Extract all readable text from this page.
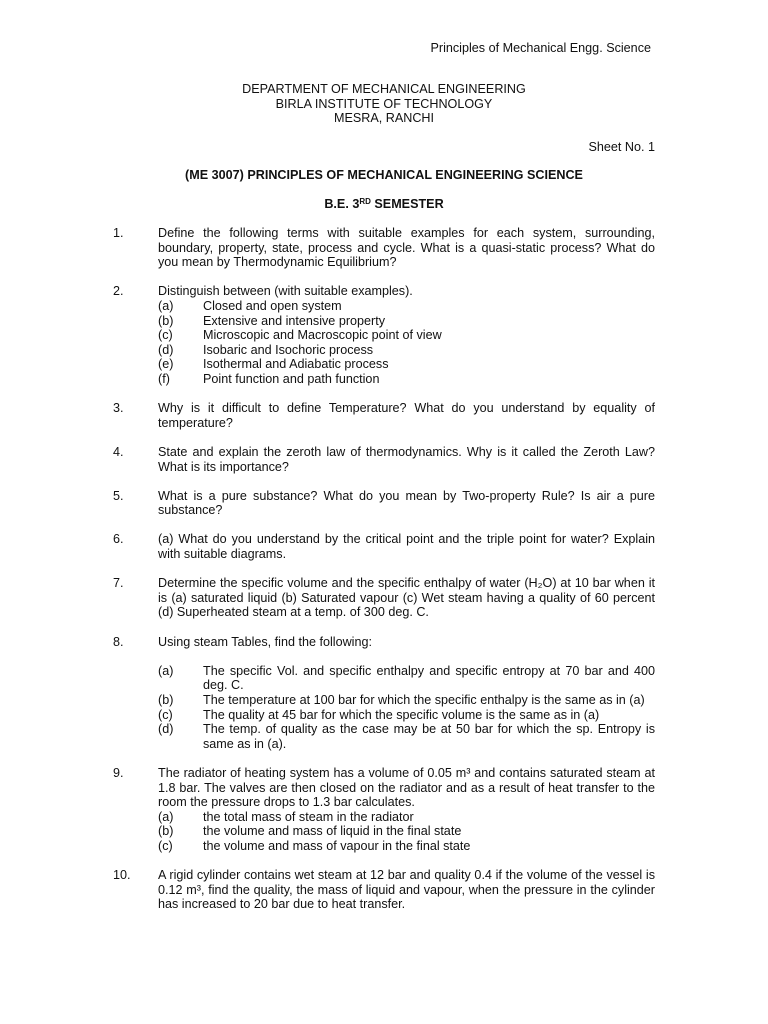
Principles of Mechanical Engg. Science
DEPARTMENT OF MECHANICAL ENGINEERING
BIRLA INSTITUTE OF TECHNOLOGY
MESRA, RANCHI
Sheet No. 1
(ME 3007) PRINCIPLES OF MECHANICAL ENGINEERING SCIENCE
B.E. 3RD SEMESTER
1.	Define the following terms with suitable examples for each system, surrounding, boundary, property, state, process and cycle. What is a quasi-static process? What do you mean by Thermodynamic Equilibrium?
2.	Distinguish between (with suitable examples).
(a) Closed and open system
(b) Extensive and intensive property
(c) Microscopic and Macroscopic point of view
(d) Isobaric and Isochoric process
(e) Isothermal and Adiabatic process
(f)	Point function and path function
3.	Why is it difficult to define Temperature? What do you understand by equality of temperature?
4.	State and explain the zeroth law of thermodynamics. Why is it called the Zeroth Law? What is its importance?
5.	What is a pure substance? What do you mean by Two-property Rule? Is air a pure substance?
6.	(a) What do you understand by the critical point and the triple point for water? Explain with suitable diagrams.
7.	Determine the specific volume and the specific enthalpy of water (H₂O) at 10 bar when it is (a) saturated liquid (b) Saturated vapour (c) Wet steam having a quality of 60 percent (d) Superheated steam at a temp. of 300 deg. C.
8.	Using steam Tables, find the following:
(a) The specific Vol. and specific enthalpy and specific entropy at 70 bar and 400 deg. C.
(b) The temperature at 100 bar for which the specific enthalpy is the same as in (a)
(c) The quality at 45 bar for which the specific volume is the same as in (a)
(d) The temp. of quality as the case may be at 50 bar for which the sp. Entropy is same as in (a).
9.	The radiator of heating system has a volume of 0.05 m³ and contains saturated steam at 1.8 bar. The valves are then closed on the radiator and as a result of heat transfer to the room the pressure drops to 1.3 bar calculates.
(a) the total mass of steam in the radiator
(b) the volume and mass of liquid in the final state
(c) the volume and mass of vapour in the final state
10. A rigid cylinder contains wet steam at 12 bar and quality 0.4 if the volume of the vessel is 0.12 m³, find the quality, the mass of liquid and vapour, when the pressure in the cylinder has increased to 20 bar due to heat transfer.
